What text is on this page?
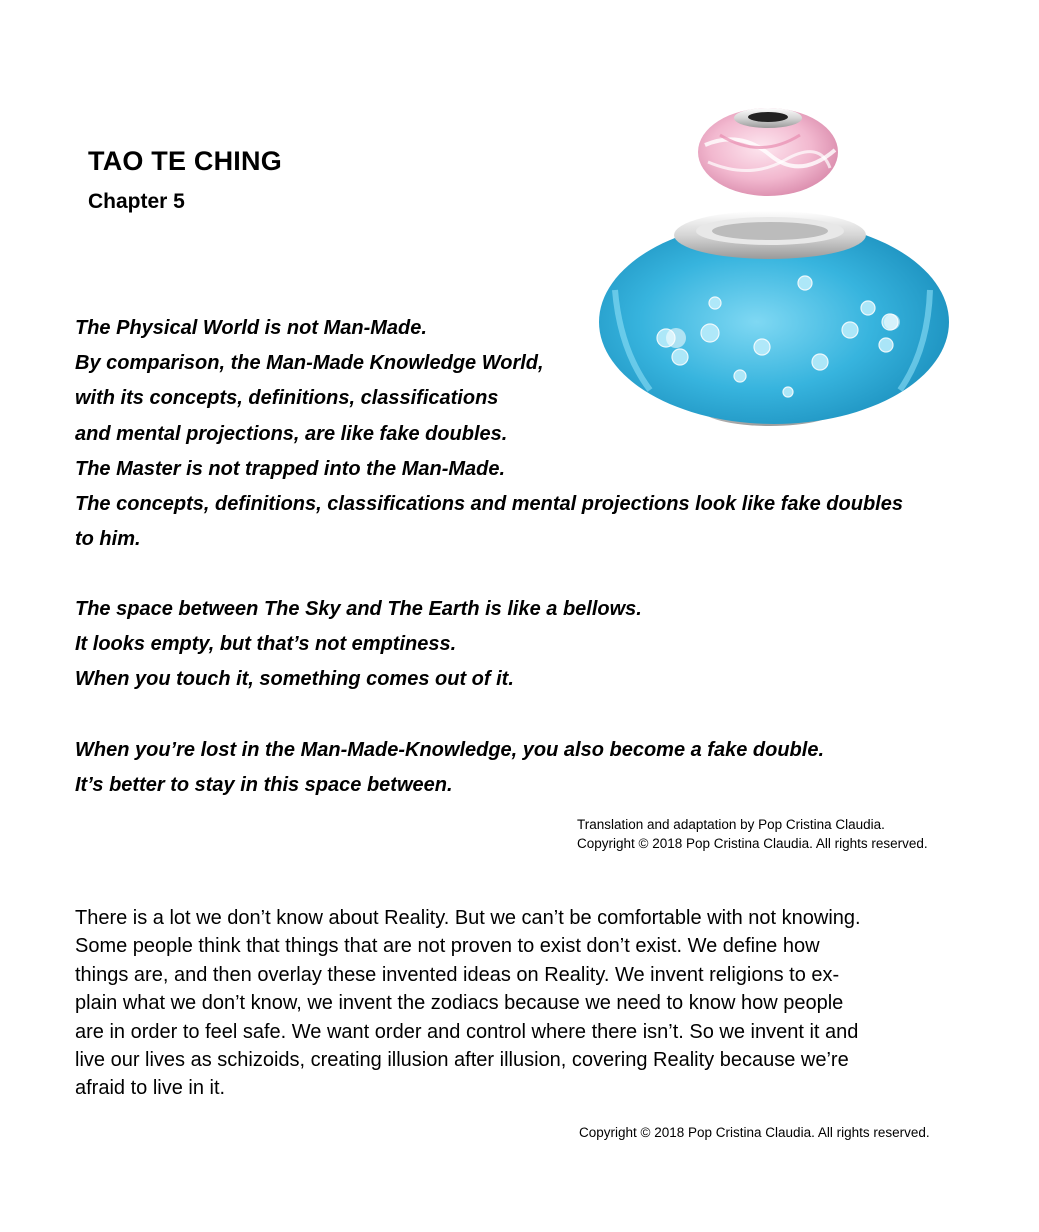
TAO TE CHING
Chapter 5
The Physical World is not Man-Made.
By comparison, the Man-Made Knowledge World,
with its concepts, definitions, classifications
and mental projections, are like fake doubles.
The Master is not trapped into the Man-Made.
The concepts, definitions, classifications and mental projections look like fake doubles
to him.
The space between The Sky and The Earth is like a bellows.
It looks empty, but that’s not emptiness.
When you touch it, something comes out of it.
When you’re lost in the Man-Made-Knowledge, you also become a fake double.
It’s better to stay in this space between.
Translation and adaptation by Pop Cristina Claudia.
Copyright © 2018 Pop Cristina Claudia. All rights reserved.
There is a lot we don’t know about Reality. But we can’t be comfortable with not knowing.
Some people think that things that are not proven to exist don’t exist. We define how
things are, and then overlay these invented ideas on Reality. We invent religions to ex-
plain what we don’t know, we invent the zodiacs because we need to know how people
are in order to feel safe. We want order and control where there isn’t. So we invent it and
live our lives as schizoids, creating illusion after illusion, covering Reality because we’re
afraid to live in it.
Copyright © 2018 Pop Cristina Claudia. All rights reserved.
